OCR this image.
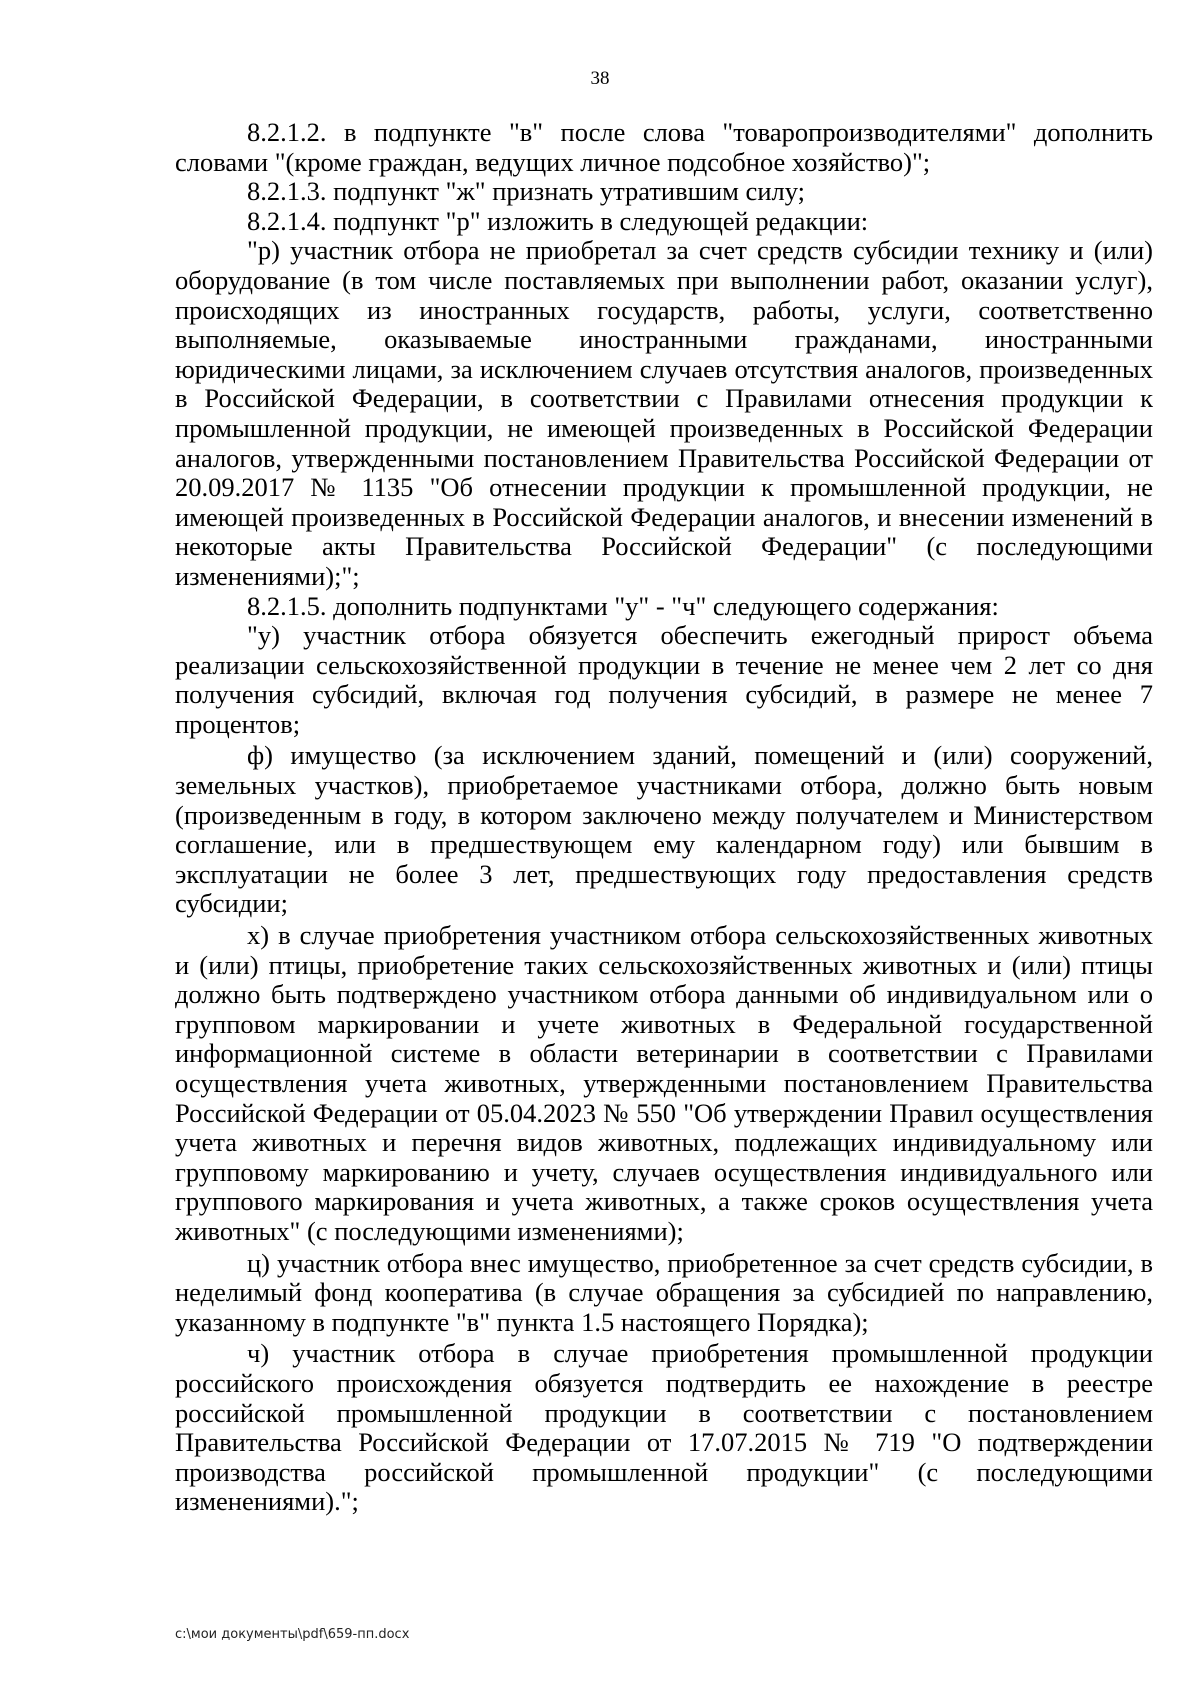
38

8.2.1.2. в подпункте "в" после слова "товаропроизводителями" дополнить словами "(кроме граждан, ведущих личное подсобное хозяйство)";

8.2.1.3. подпункт "ж" признать утратившим силу;

8.2.1.4. подпункт "р" изложить в следующей редакции:

"р) участник отбора не приобретал за счет средств субсидии технику и (или) оборудование (в том числе поставляемых при выполнении работ, оказании услуг), происходящих из иностранных государств, работы, услуги, соответственно выполняемые, оказываемые иностранными гражданами, иностранными юридическими лицами, за исключением случаев отсутствия аналогов, произведенных в Российской Федерации, в соответствии с Правилами отнесения продукции к промышленной продукции, не имеющей произведенных в Российской Федерации аналогов, утвержденными постановлением Правительства Российской Федерации от 20.09.2017 № 1135 "Об отнесении продукции к промышленной продукции, не имеющей произведенных в Российской Федерации аналогов, и внесении изменений в некоторые акты Правительства Российской Федерации" (с последующими изменениями);";

8.2.1.5. дополнить подпунктами "у" - "ч" следующего содержания:

"у) участник отбора обязуется обеспечить ежегодный прирост объема реализации сельскохозяйственной продукции в течение не менее чем 2 лет со дня получения субсидий, включая год получения субсидий, в размере не менее 7 процентов;

ф) имущество (за исключением зданий, помещений и (или) сооружений, земельных участков), приобретаемое участниками отбора, должно быть новым (произведенным в году, в котором заключено между получателем и Министерством соглашение, или в предшествующем ему календарном году) или бывшим в эксплуатации не более 3 лет, предшествующих году предоставления средств субсидии;

х) в случае приобретения участником отбора сельскохозяйственных животных и (или) птицы, приобретение таких сельскохозяйственных животных и (или) птицы должно быть подтверждено участником отбора данными об индивидуальном или о групповом маркировании и учете животных в Федеральной государственной информационной системе в области ветеринарии в соответствии с Правилами осуществления учета животных, утвержденными постановлением Правительства Российской Федерации от 05.04.2023 № 550 "Об утверждении Правил осуществления учета животных и перечня видов животных, подлежащих индивидуальному или групповому маркированию и учету, случаев осуществления индивидуального или группового маркирования и учета животных, а также сроков осуществления учета животных" (с последующими изменениями);

ц) участник отбора внес имущество, приобретенное за счет средств субсидии, в неделимый фонд кооператива (в случае обращения за субсидией по направлению, указанному в подпункте "в" пункта 1.5 настоящего Порядка);

ч) участник отбора в случае приобретения промышленной продукции российского происхождения обязуется подтвердить ее нахождение в реестре российской промышленной продукции в соответствии с постановлением Правительства Российской Федерации от 17.07.2015 № 719 "О подтверждении производства российской промышленной продукции" (с последующими изменениями).";

c:\мои документы\pdf\659-пп.docx
